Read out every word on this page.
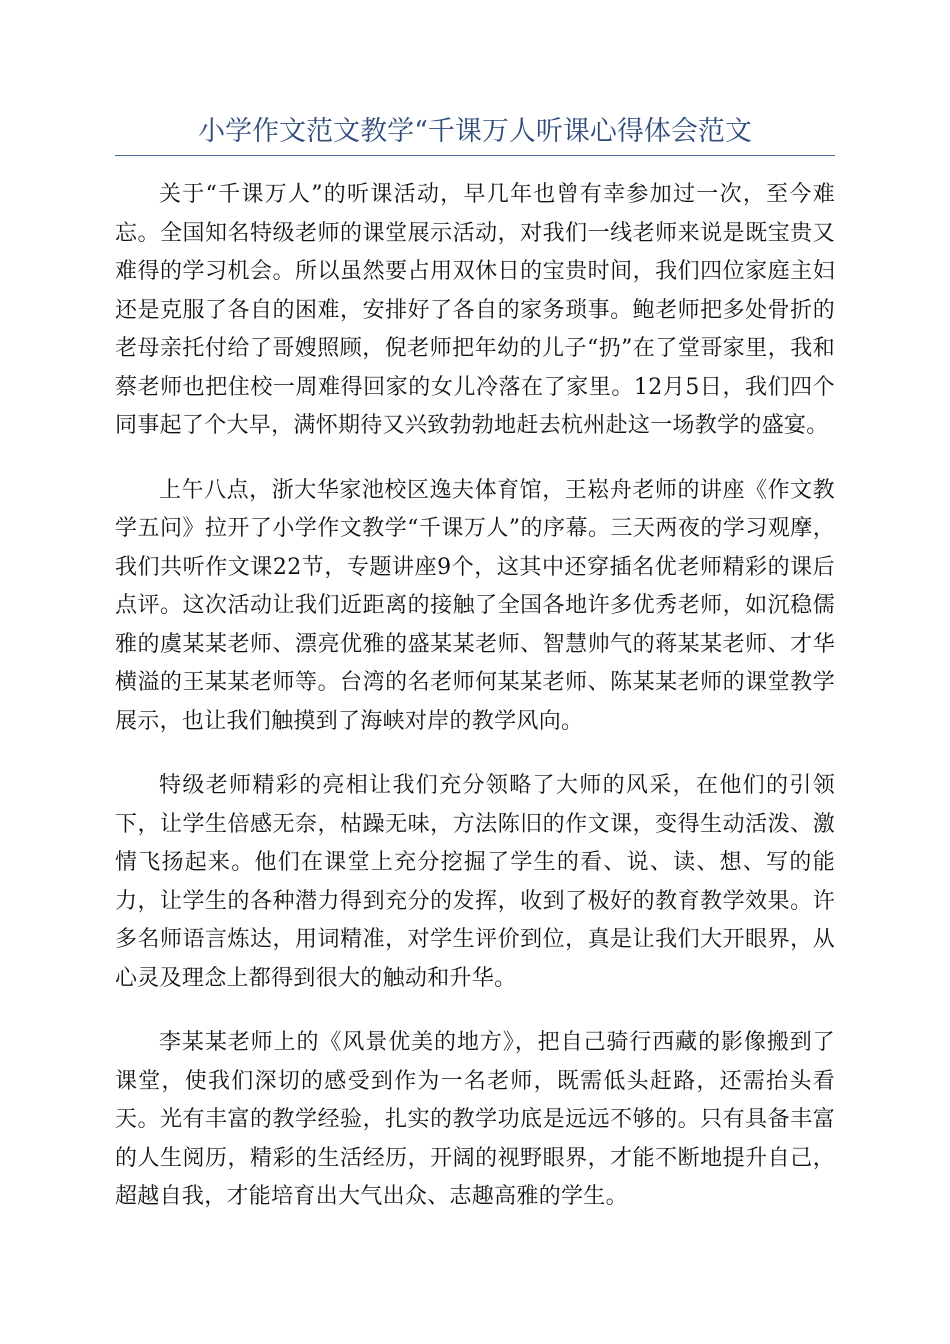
小学作文范文教学“千课万人听课心得体会范文

关于“千课万人”的听课活动，早几年也曾有幸参加过一次，至今难忘。全国知名特级老师的课堂展示活动，对我们一线老师来说是既宝贵又难得的学习机会。所以虽然要占用双休日的宝贵时间，我们四位家庭主妇还是克服了各自的困难，安排好了各自的家务琐事。鲍老师把多处骨折的老母亲托付给了哥嫂照顾，倪老师把年幼的儿子“扔”在了堂哥家里，我和蔡老师也把住校一周难得回家的女儿冷落在了家里。12月5日，我们四个同事起了个大早，满怀期待又兴致勃勃地赶去杭州赴这一场教学的盛宴。

上午八点，浙大华家池校区逸夫体育馆，王崧舟老师的讲座《作文教学五问》拉开了小学作文教学“千课万人”的序幕。三天两夜的学习观摩，我们共听作文课22节，专题讲座9个，这其中还穿插名优老师精彩的课后点评。这次活动让我们近距离的接触了全国各地许多优秀老师，如沉稳儒雅的虞某某老师、漂亮优雅的盛某某老师、智慧帅气的蒋某某老师、才华横溢的王某某老师等。台湾的名老师何某某老师、陈某某老师的课堂教学展示，也让我们触摸到了海峡对岸的教学风向。

特级老师精彩的亮相让我们充分领略了大师的风采，在他们的引领下，让学生倍感无奈，枯躁无味，方法陈旧的作文课，变得生动活泼、激情飞扬起来。他们在课堂上充分挖掘了学生的看、说、读、想、写的能力，让学生的各种潜力得到充分的发挥，收到了极好的教育教学效果。许多名师语言炼达，用词精准，对学生评价到位，真是让我们大开眼界，从心灵及理念上都得到很大的触动和升华。

李某某老师上的《风景优美的地方》，把自己骑行西藏的影像搬到了课堂，使我们深切的感受到作为一名老师，既需低头赶路，还需抬头看天。光有丰富的教学经验，扎实的教学功底是远远不够的。只有具备丰富的人生阅历，精彩的生活经历，开阔的视野眼界，才能不断地提升自己，超越自我，才能培育出大气出众、志趣高雅的学生。
